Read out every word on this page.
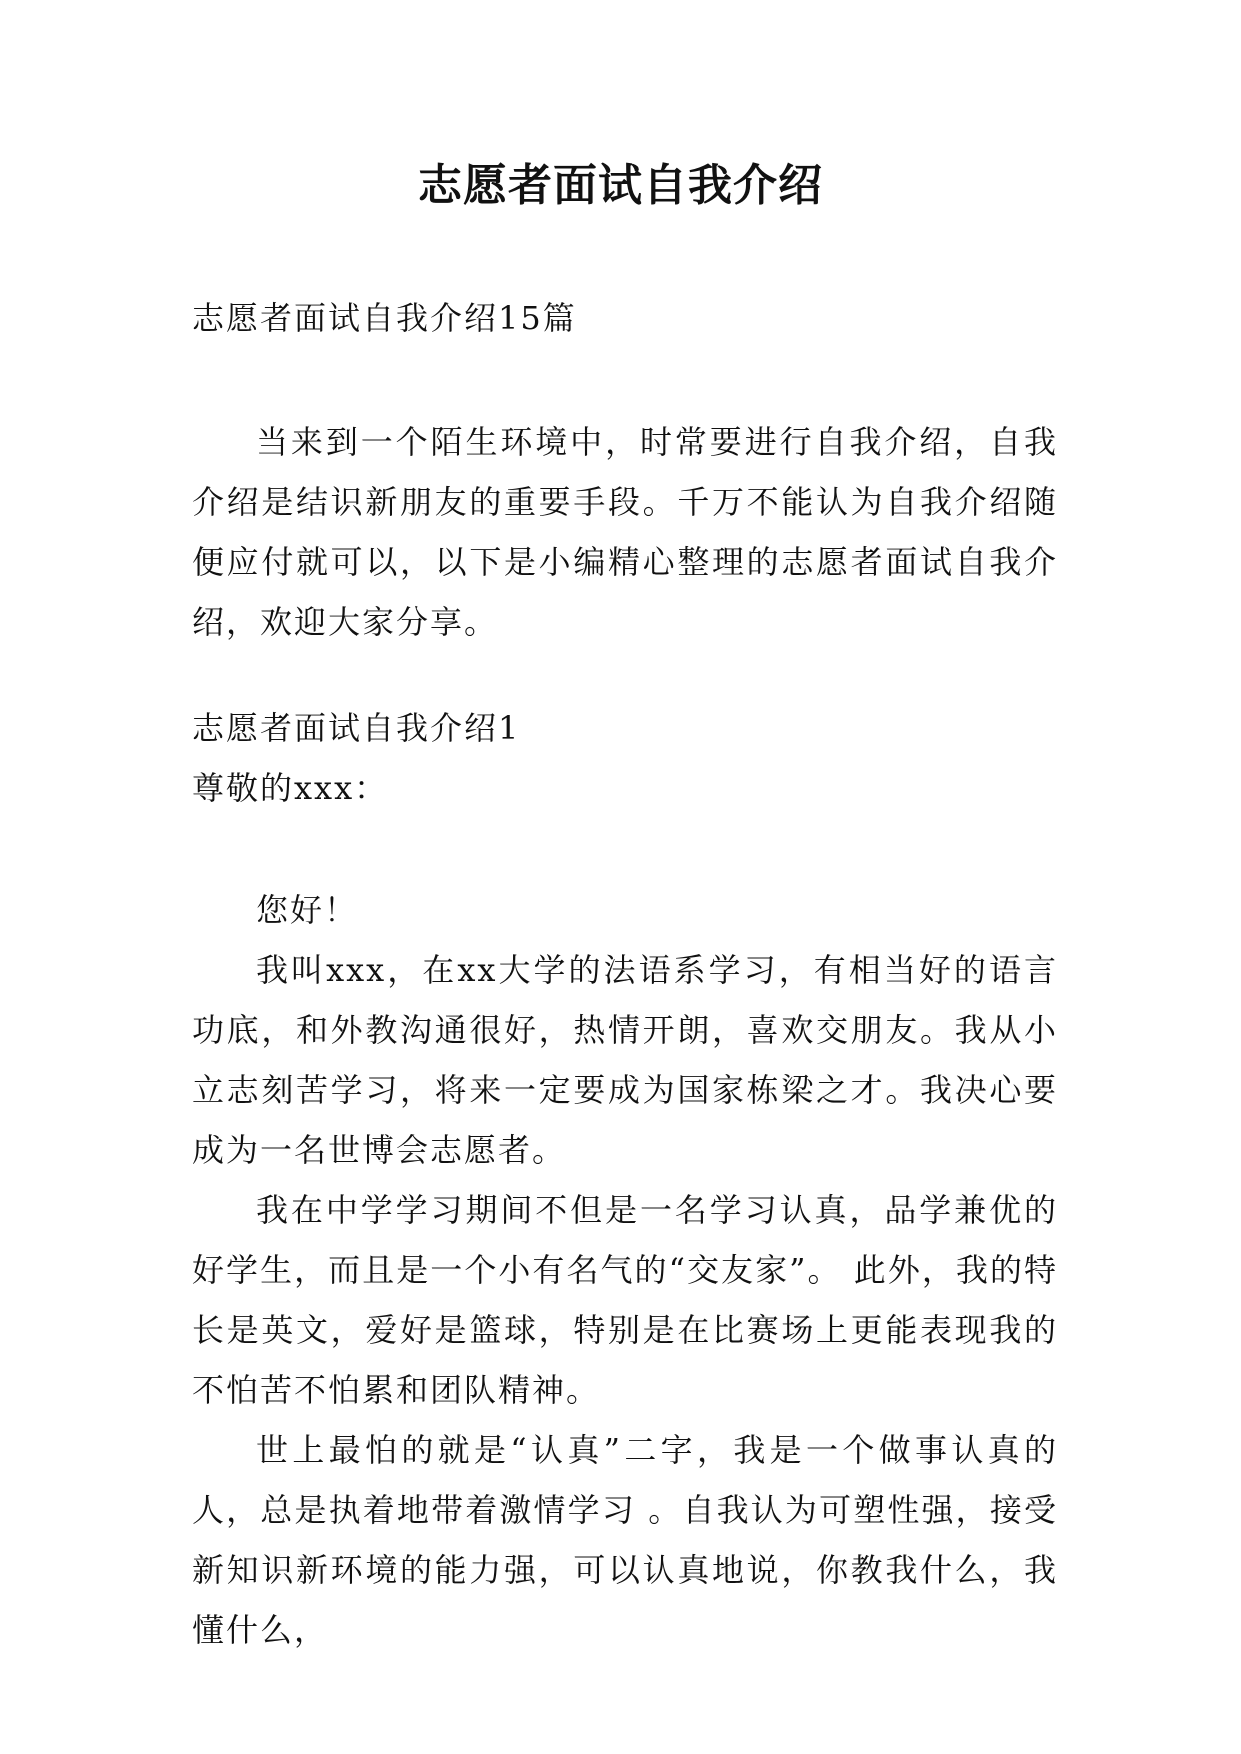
志愿者面试自我介绍

志愿者面试自我介绍15篇

当来到一个陌生环境中，时常要进行自我介绍，自我介绍是结识新朋友的重要手段。千万不能认为自我介绍随便应付就可以，以下是小编精心整理的志愿者面试自我介绍，欢迎大家分享。

志愿者面试自我介绍1

尊敬的xxx：

您好！

我叫xxx，在xx大学的法语系学习，有相当好的语言功底，和外教沟通很好，热情开朗，喜欢交朋友。我从小立志刻苦学习，将来一定要成为国家栋梁之才。我决心要成为一名世博会志愿者。

我在中学学习期间不但是一名学习认真，品学兼优的好学生，而且是一个小有名气的“交友家”。 此外，我的特长是英文，爱好是篮球，特别是在比赛场上更能表现我的不怕苦不怕累和团队精神。

世上最怕的就是“认真”二字，我是一个做事认真的人，总是执着地带着激情学习 。自我认为可塑性强，接受新知识新环境的能力强，可以认真地说，你教我什么，我懂什么，
